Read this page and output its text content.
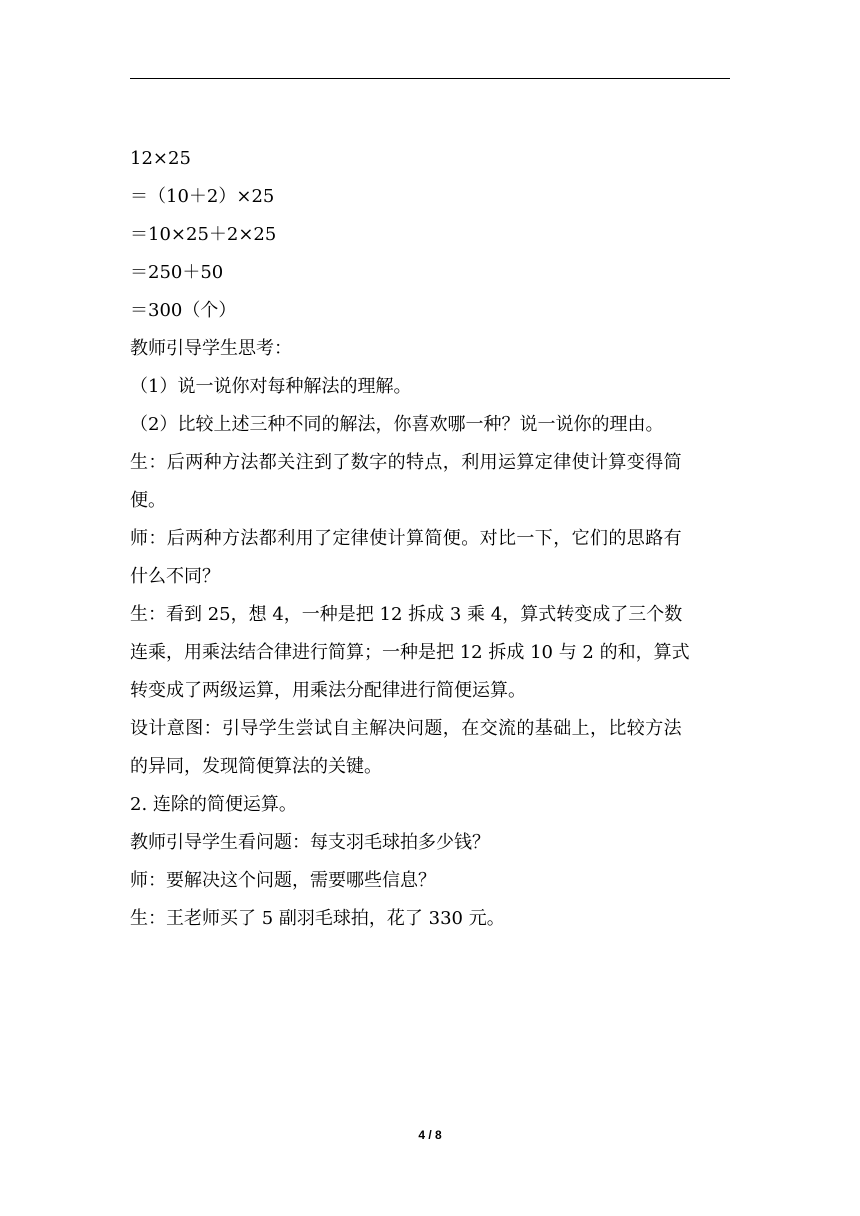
12×25
＝（10＋2）×25
＝10×25＋2×25
＝250＋50
＝300（个）
教师引导学生思考：
（1）说一说你对每种解法的理解。
（2）比较上述三种不同的解法，你喜欢哪一种？说一说你的理由。
生：后两种方法都关注到了数字的特点，利用运算定律使计算变得简
便。
师：后两种方法都利用了定律使计算简便。对比一下，它们的思路有
什么不同？
生：看到 25，想 4，一种是把 12 拆成 3 乘 4，算式转变成了三个数
连乘，用乘法结合律进行简算；一种是把 12 拆成 10 与 2 的和，算式
转变成了两级运算，用乘法分配律进行简便运算。
设计意图：引导学生尝试自主解决问题，在交流的基础上，比较方法
的异同，发现简便算法的关键。
2. 连除的简便运算。
教师引导学生看问题：每支羽毛球拍多少钱？
师：要解决这个问题，需要哪些信息？
生：王老师买了 5 副羽毛球拍，花了 330 元。
4 / 8
